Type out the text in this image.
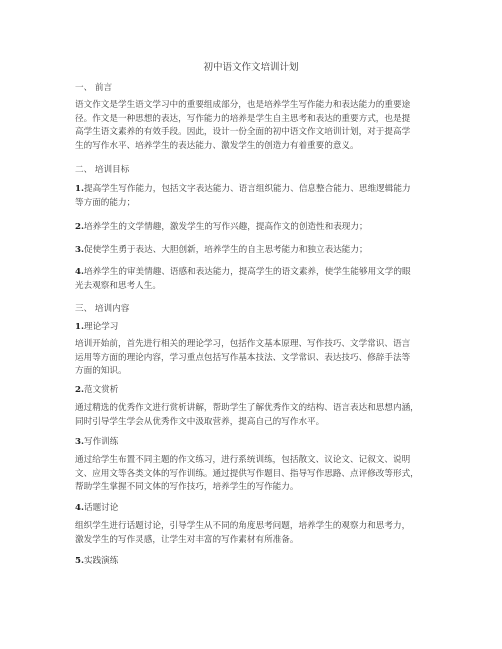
初中语文作文培训计划
一、 前言
语文作文是学生语文学习中的重要组成部分，也是培养学生写作能力和表达能力的重要途
径。作文是一种思想的表达，写作能力的培养是学生自主思考和表达的重要方式，也是提
高学生语文素养的有效手段。因此，设计一份全面的初中语文作文培训计划，对于提高学
生的写作水平、培养学生的表达能力、激发学生的创造力有着重要的意义。
二、 培训目标
1.提高学生写作能力，包括文字表达能力、语言组织能力、信息整合能力、思维逻辑能力
等方面的能力；
2.培养学生的文学情趣，激发学生的写作兴趣，提高作文的创造性和表现力；
3.促使学生勇于表达、大胆创新，培养学生的自主思考能力和独立表达能力；
4.培养学生的审美情趣、语感和表达能力，提高学生的语文素养，使学生能够用文学的眼
光去观察和思考人生。
三、 培训内容
1.理论学习
培训开始前，首先进行相关的理论学习，包括作文基本原理、写作技巧、文学常识、语言
运用等方面的理论内容，学习重点包括写作基本技法、文学常识、表达技巧、修辞手法等
方面的知识。
2.范文赏析
通过精选的优秀作文进行赏析讲解，帮助学生了解优秀作文的结构、语言表达和思想内涵，
同时引导学生学会从优秀作文中汲取营养，提高自己的写作水平。
3.写作训练
通过给学生布置不同主题的作文练习，进行系统训练，包括散文、议论文、记叙文、说明
文、应用文等各类文体的写作训练。通过提供写作题目、指导写作思路、点评修改等形式，
帮助学生掌握不同文体的写作技巧，培养学生的写作能力。
4.话题讨论
组织学生进行话题讨论，引导学生从不同的角度思考问题，培养学生的观察力和思考力，
激发学生的写作灵感，让学生对丰富的写作素材有所准备。
5.实践演练
